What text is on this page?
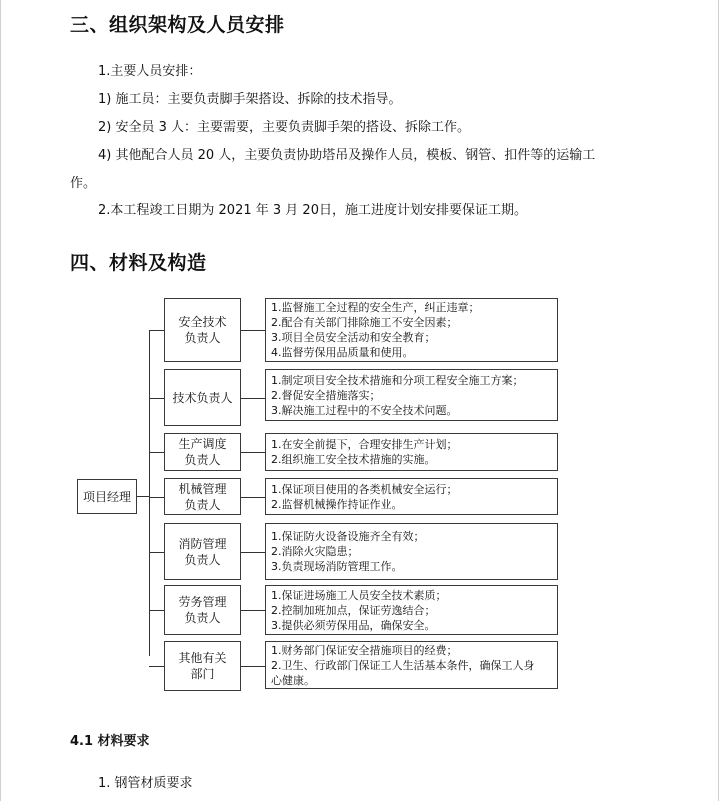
三、组织架构及人员安排
1.主要人员安排：
1) 施工员：主要负责脚手架搭设、拆除的技术指导。
2) 安全员 3 人：主要需要，主要负责脚手架的搭设、拆除工作。
4) 其他配合人员 20 人，主要负责协助塔吊及操作人员，模板、钢管、扣件等的运输工
作。
2.本工程竣工日期为 2021 年 3 月 20日，施工进度计划安排要保证工期。
四、材料及构造
项目经理
安全技术
负责人
1.监督施工全过程的安全生产，纠正违章；
2.配合有关部门排除施工不安全因素；
3.项目全员安全活动和安全教育；
4.监督劳保用品质量和使用。
技术负责人
1.制定项目安全技术措施和分项工程安全施工方案；
2.督促安全措施落实；
3.解决施工过程中的不安全技术问题。
生产调度
负责人
1.在安全前提下，合理安排生产计划；
2.组织施工安全技术措施的实施。
机械管理
负责人
1.保证项目使用的各类机械安全运行；
2.监督机械操作持证作业。
消防管理
负责人
1.保证防火设备设施齐全有效；
2.消除火灾隐患；
3.负责现场消防管理工作。
劳务管理
负责人
1.保证进场施工人员安全技术素质；
2.控制加班加点，保证劳逸结合；
3.提供必须劳保用品，确保安全。
其他有关
部门
1.财务部门保证安全措施项目的经费；
2.卫生、行政部门保证工人生活基本条件，确保工人身
心健康。
4.1 材料要求
1. 钢管材质要求
